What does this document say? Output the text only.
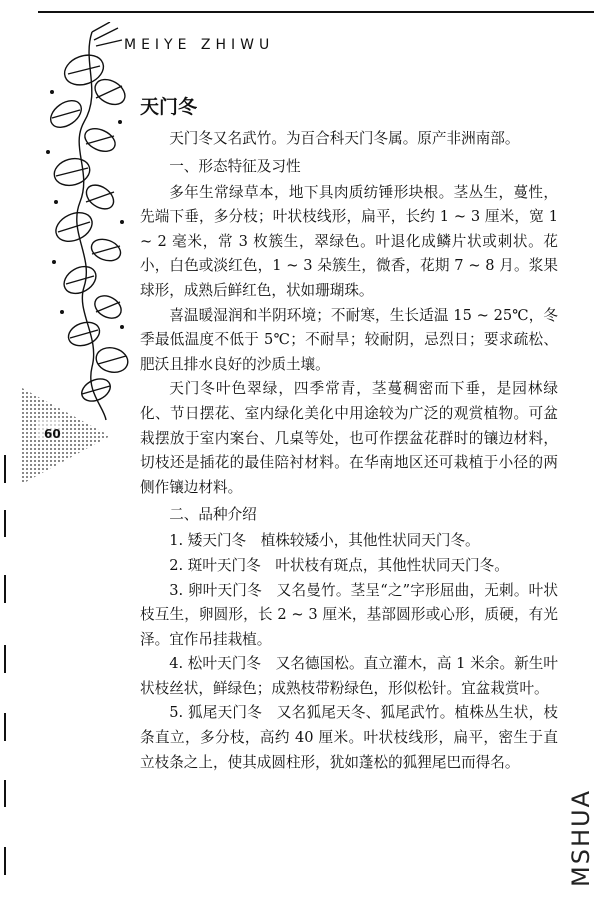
MEIYE ZHIWU
60
天门冬

天门冬又名武竹。为百合科天门冬属。原产非洲南部。

一、形态特征及习性

多年生常绿草本，地下具肉质纺锤形块根。茎丛生，蔓性，先端下垂，多分枝；叶状枝线形，扁平，长约 1 ~ 3 厘米，宽 1 ~ 2 毫米，常 3 枚簇生，翠绿色。叶退化成鳞片状或刺状。花小，白色或淡红色，1 ~ 3 朵簇生，微香，花期 7 ~ 8 月。浆果球形，成熟后鲜红色，状如珊瑚珠。

喜温暖湿润和半阴环境；不耐寒，生长适温 15 ~ 25℃，冬季最低温度不低于 5℃；不耐旱；较耐阴，忌烈日；要求疏松、肥沃且排水良好的沙质土壤。

天门冬叶色翠绿，四季常青，茎蔓稠密而下垂，是园林绿化、节日摆花、室内绿化美化中用途较为广泛的观赏植物。可盆栽摆放于室内案台、几桌等处，也可作摆盆花群时的镶边材料，切枝还是插花的最佳陪衬材料。在华南地区还可栽植于小径的两侧作镶边材料。

二、品种介绍

1. 矮天门冬　植株较矮小，其他性状同天门冬。

2. 斑叶天门冬　叶状枝有斑点，其他性状同天门冬。

3. 卵叶天门冬　又名曼竹。茎呈“之”字形屈曲，无刺。叶状枝互生，卵圆形，长 2 ~ 3 厘米，基部圆形或心形，质硬，有光泽。宜作吊挂栽植。

4. 松叶天门冬　又名德国松。直立灌木，高 1 米余。新生叶状枝丝状，鲜绿色；成熟枝带粉绿色，形似松针。宜盆栽赏叶。

5. 狐尾天门冬　又名狐尾天冬、狐尾武竹。植株丛生状，枝条直立，多分枝，高约 40 厘米。叶状枝线形，扁平，密生于直立枝条之上，使其成圆柱形，犹如蓬松的狐狸尾巴而得名。

MSHUA
